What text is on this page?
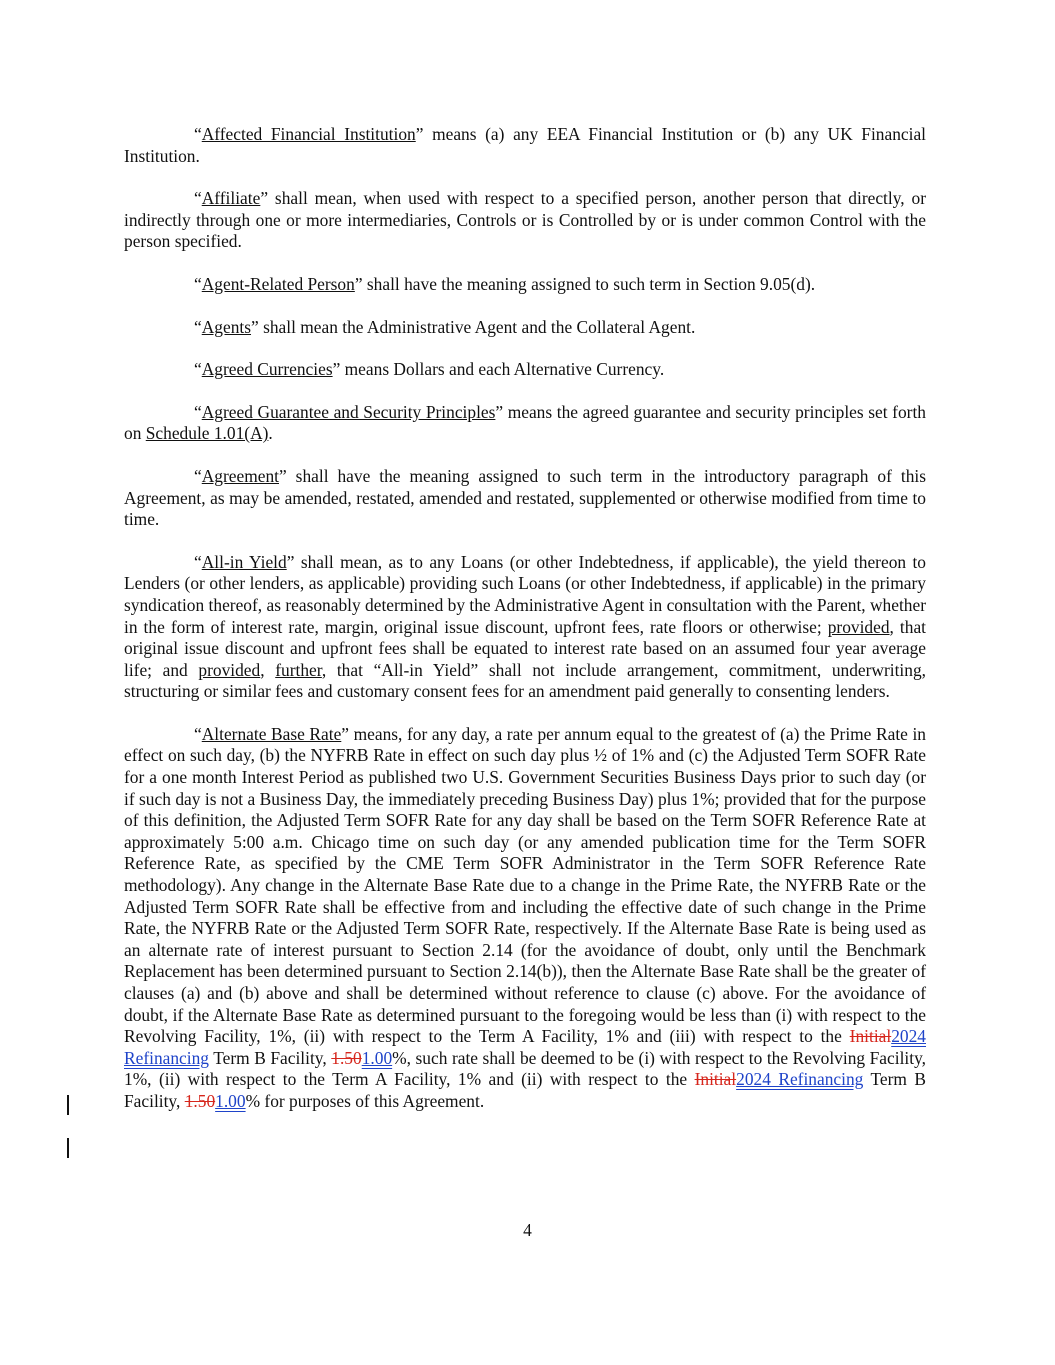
“Affected Financial Institution” means (a) any EEA Financial Institution or (b) any UK Financial Institution.

“Affiliate” shall mean, when used with respect to a specified person, another person that directly, or indirectly through one or more intermediaries, Controls or is Controlled by or is under common Control with the person specified.

“Agent-Related Person” shall have the meaning assigned to such term in Section 9.05(d).

“Agents” shall mean the Administrative Agent and the Collateral Agent.

“Agreed Currencies” means Dollars and each Alternative Currency.

“Agreed Guarantee and Security Principles” means the agreed guarantee and security principles set forth on Schedule 1.01(A).

“Agreement” shall have the meaning assigned to such term in the introductory paragraph of this Agreement, as may be amended, restated, amended and restated, supplemented or otherwise modified from time to time.

“All-in Yield” shall mean, as to any Loans (or other Indebtedness, if applicable), the yield thereon to Lenders (or other lenders, as applicable) providing such Loans (or other Indebtedness, if applicable) in the primary syndication thereof, as reasonably determined by the Administrative Agent in consultation with the Parent, whether in the form of interest rate, margin, original issue discount, upfront fees, rate floors or otherwise; provided, that original issue discount and upfront fees shall be equated to interest rate based on an assumed four year average life; and provided, further, that “All-in Yield” shall not include arrangement, commitment, underwriting, structuring or similar fees and customary consent fees for an amendment paid generally to consenting lenders.

“Alternate Base Rate” means, for any day, a rate per annum equal to the greatest of (a) the Prime Rate in effect on such day, (b) the NYFRB Rate in effect on such day plus ½ of 1% and (c) the Adjusted Term SOFR Rate for a one month Interest Period as published two U.S. Government Securities Business Days prior to such day (or if such day is not a Business Day, the immediately preceding Business Day) plus 1%; provided that for the purpose of this definition, the Adjusted Term SOFR Rate for any day shall be based on the Term SOFR Reference Rate at approximately 5:00 a.m. Chicago time on such day (or any amended publication time for the Term SOFR Reference Rate, as specified by the CME Term SOFR Administrator in the Term SOFR Reference Rate methodology). Any change in the Alternate Base Rate due to a change in the Prime Rate, the NYFRB Rate or the Adjusted Term SOFR Rate shall be effective from and including the effective date of such change in the Prime Rate, the NYFRB Rate or the Adjusted Term SOFR Rate, respectively. If the Alternate Base Rate is being used as an alternate rate of interest pursuant to Section 2.14 (for the avoidance of doubt, only until the Benchmark Replacement has been determined pursuant to Section 2.14(b)), then the Alternate Base Rate shall be the greater of clauses (a) and (b) above and shall be determined without reference to clause (c) above. For the avoidance of doubt, if the Alternate Base Rate as determined pursuant to the foregoing would be less than (i) with respect to the Revolving Facility, 1%, (ii) with respect to the Term A Facility, 1% and (iii) with respect to the Initial2024 Refinancing Term B Facility, 1.501.00%, such rate shall be deemed to be (i) with respect to the Revolving Facility, 1%, (ii) with respect to the Term A Facility, 1% and (ii) with respect to the Initial2024 Refinancing Term B Facility, 1.501.00% for purposes of this Agreement.

4
